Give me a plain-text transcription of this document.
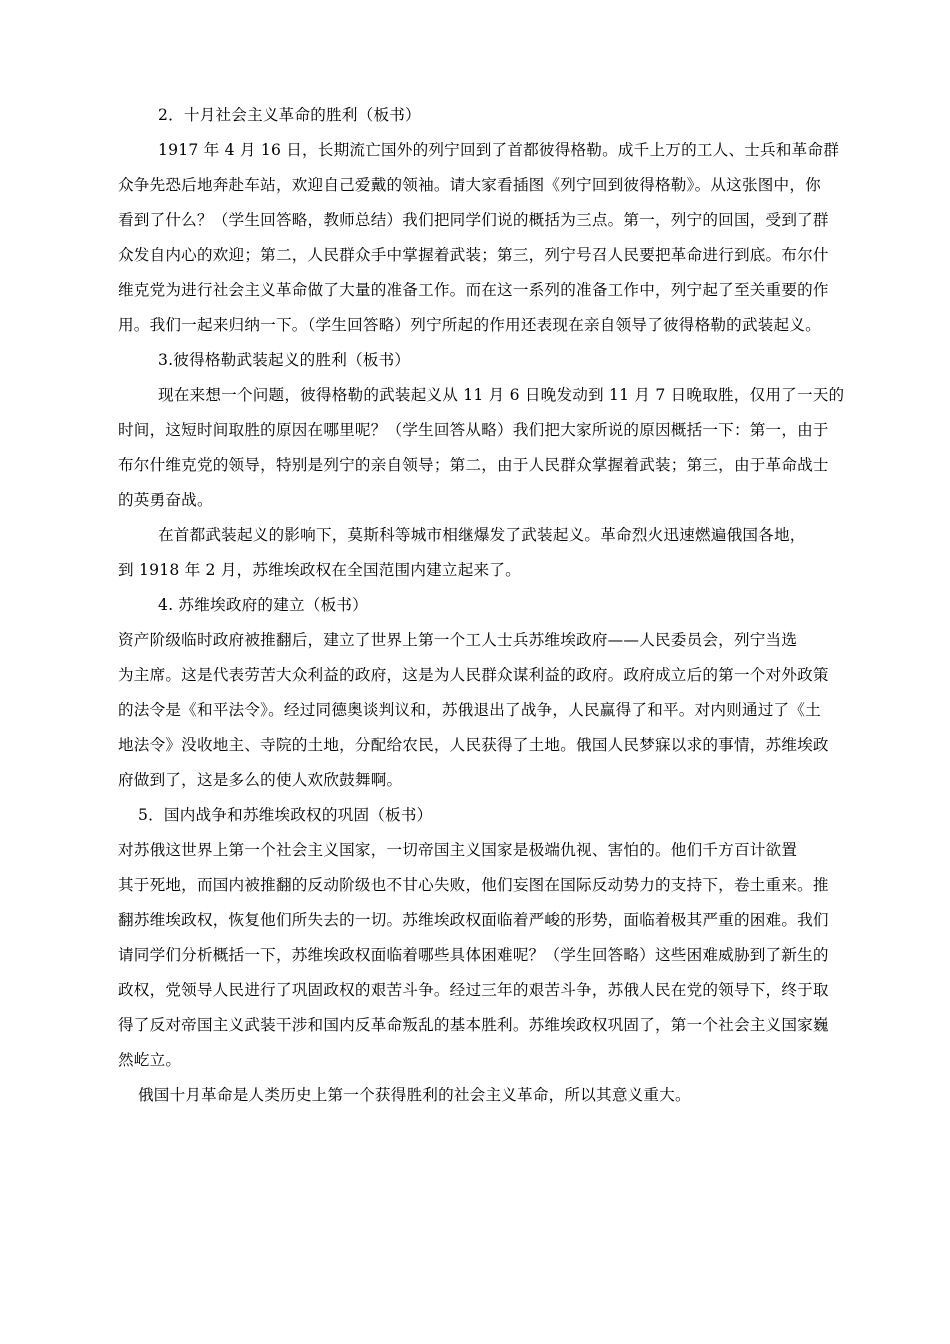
2．十月社会主义革命的胜利（板书）
1917 年 4 月 16 日，长期流亡国外的列宁回到了首都彼得格勒。成千上万的工人、士兵和革命群
众争先恐后地奔赴车站，欢迎自己爱戴的领袖。请大家看插图《列宁回到彼得格勒》。从这张图中，你
看到了什么？（学生回答略，教师总结）我们把同学们说的概括为三点。第一，列宁的回国，受到了群
众发自内心的欢迎；第二，人民群众手中掌握着武装；第三，列宁号召人民要把革命进行到底。布尔什
维克党为进行社会主义革命做了大量的准备工作。而在这一系列的准备工作中，列宁起了至关重要的作
用。我们一起来归纳一下。（学生回答略）列宁所起的作用还表现在亲自领导了彼得格勒的武装起义。
3.彼得格勒武装起义的胜利（板书）
现在来想一个问题，彼得格勒的武装起义从 11 月 6 日晚发动到 11 月 7 日晚取胜，仅用了一天的
时间，这短时间取胜的原因在哪里呢？（学生回答从略）我们把大家所说的原因概括一下：第一，由于
布尔什维克党的领导，特别是列宁的亲自领导；第二，由于人民群众掌握着武装；第三，由于革命战士
的英勇奋战。
在首都武装起义的影响下，莫斯科等城市相继爆发了武装起义。革命烈火迅速燃遍俄国各地，
到 1918 年 2 月，苏维埃政权在全国范围内建立起来了。
4. 苏维埃政府的建立（板书）
资产阶级临时政府被推翻后，建立了世界上第一个工人士兵苏维埃政府——人民委员会，列宁当选
为主席。这是代表劳苦大众利益的政府，这是为人民群众谋利益的政府。政府成立后的第一个对外政策
的法令是《和平法令》。经过同德奥谈判议和，苏俄退出了战争，人民赢得了和平。对内则通过了《土
地法令》没收地主、寺院的土地，分配给农民，人民获得了土地。俄国人民梦寐以求的事情，苏维埃政
府做到了，这是多么的使人欢欣鼓舞啊。
5．国内战争和苏维埃政权的巩固（板书）
对苏俄这世界上第一个社会主义国家，一切帝国主义国家是极端仇视、害怕的。他们千方百计欲置
其于死地，而国内被推翻的反动阶级也不甘心失败，他们妄图在国际反动势力的支持下，卷土重来。推
翻苏维埃政权，恢复他们所失去的一切。苏维埃政权面临着严峻的形势，面临着极其严重的困难。我们
请同学们分析概括一下，苏维埃政权面临着哪些具体困难呢？（学生回答略）这些困难威胁到了新生的
政权，党领导人民进行了巩固政权的艰苦斗争。经过三年的艰苦斗争，苏俄人民在党的领导下，终于取
得了反对帝国主义武装干涉和国内反革命叛乱的基本胜利。苏维埃政权巩固了，第一个社会主义国家巍
然屹立。
俄国十月革命是人类历史上第一个获得胜利的社会主义革命，所以其意义重大。
